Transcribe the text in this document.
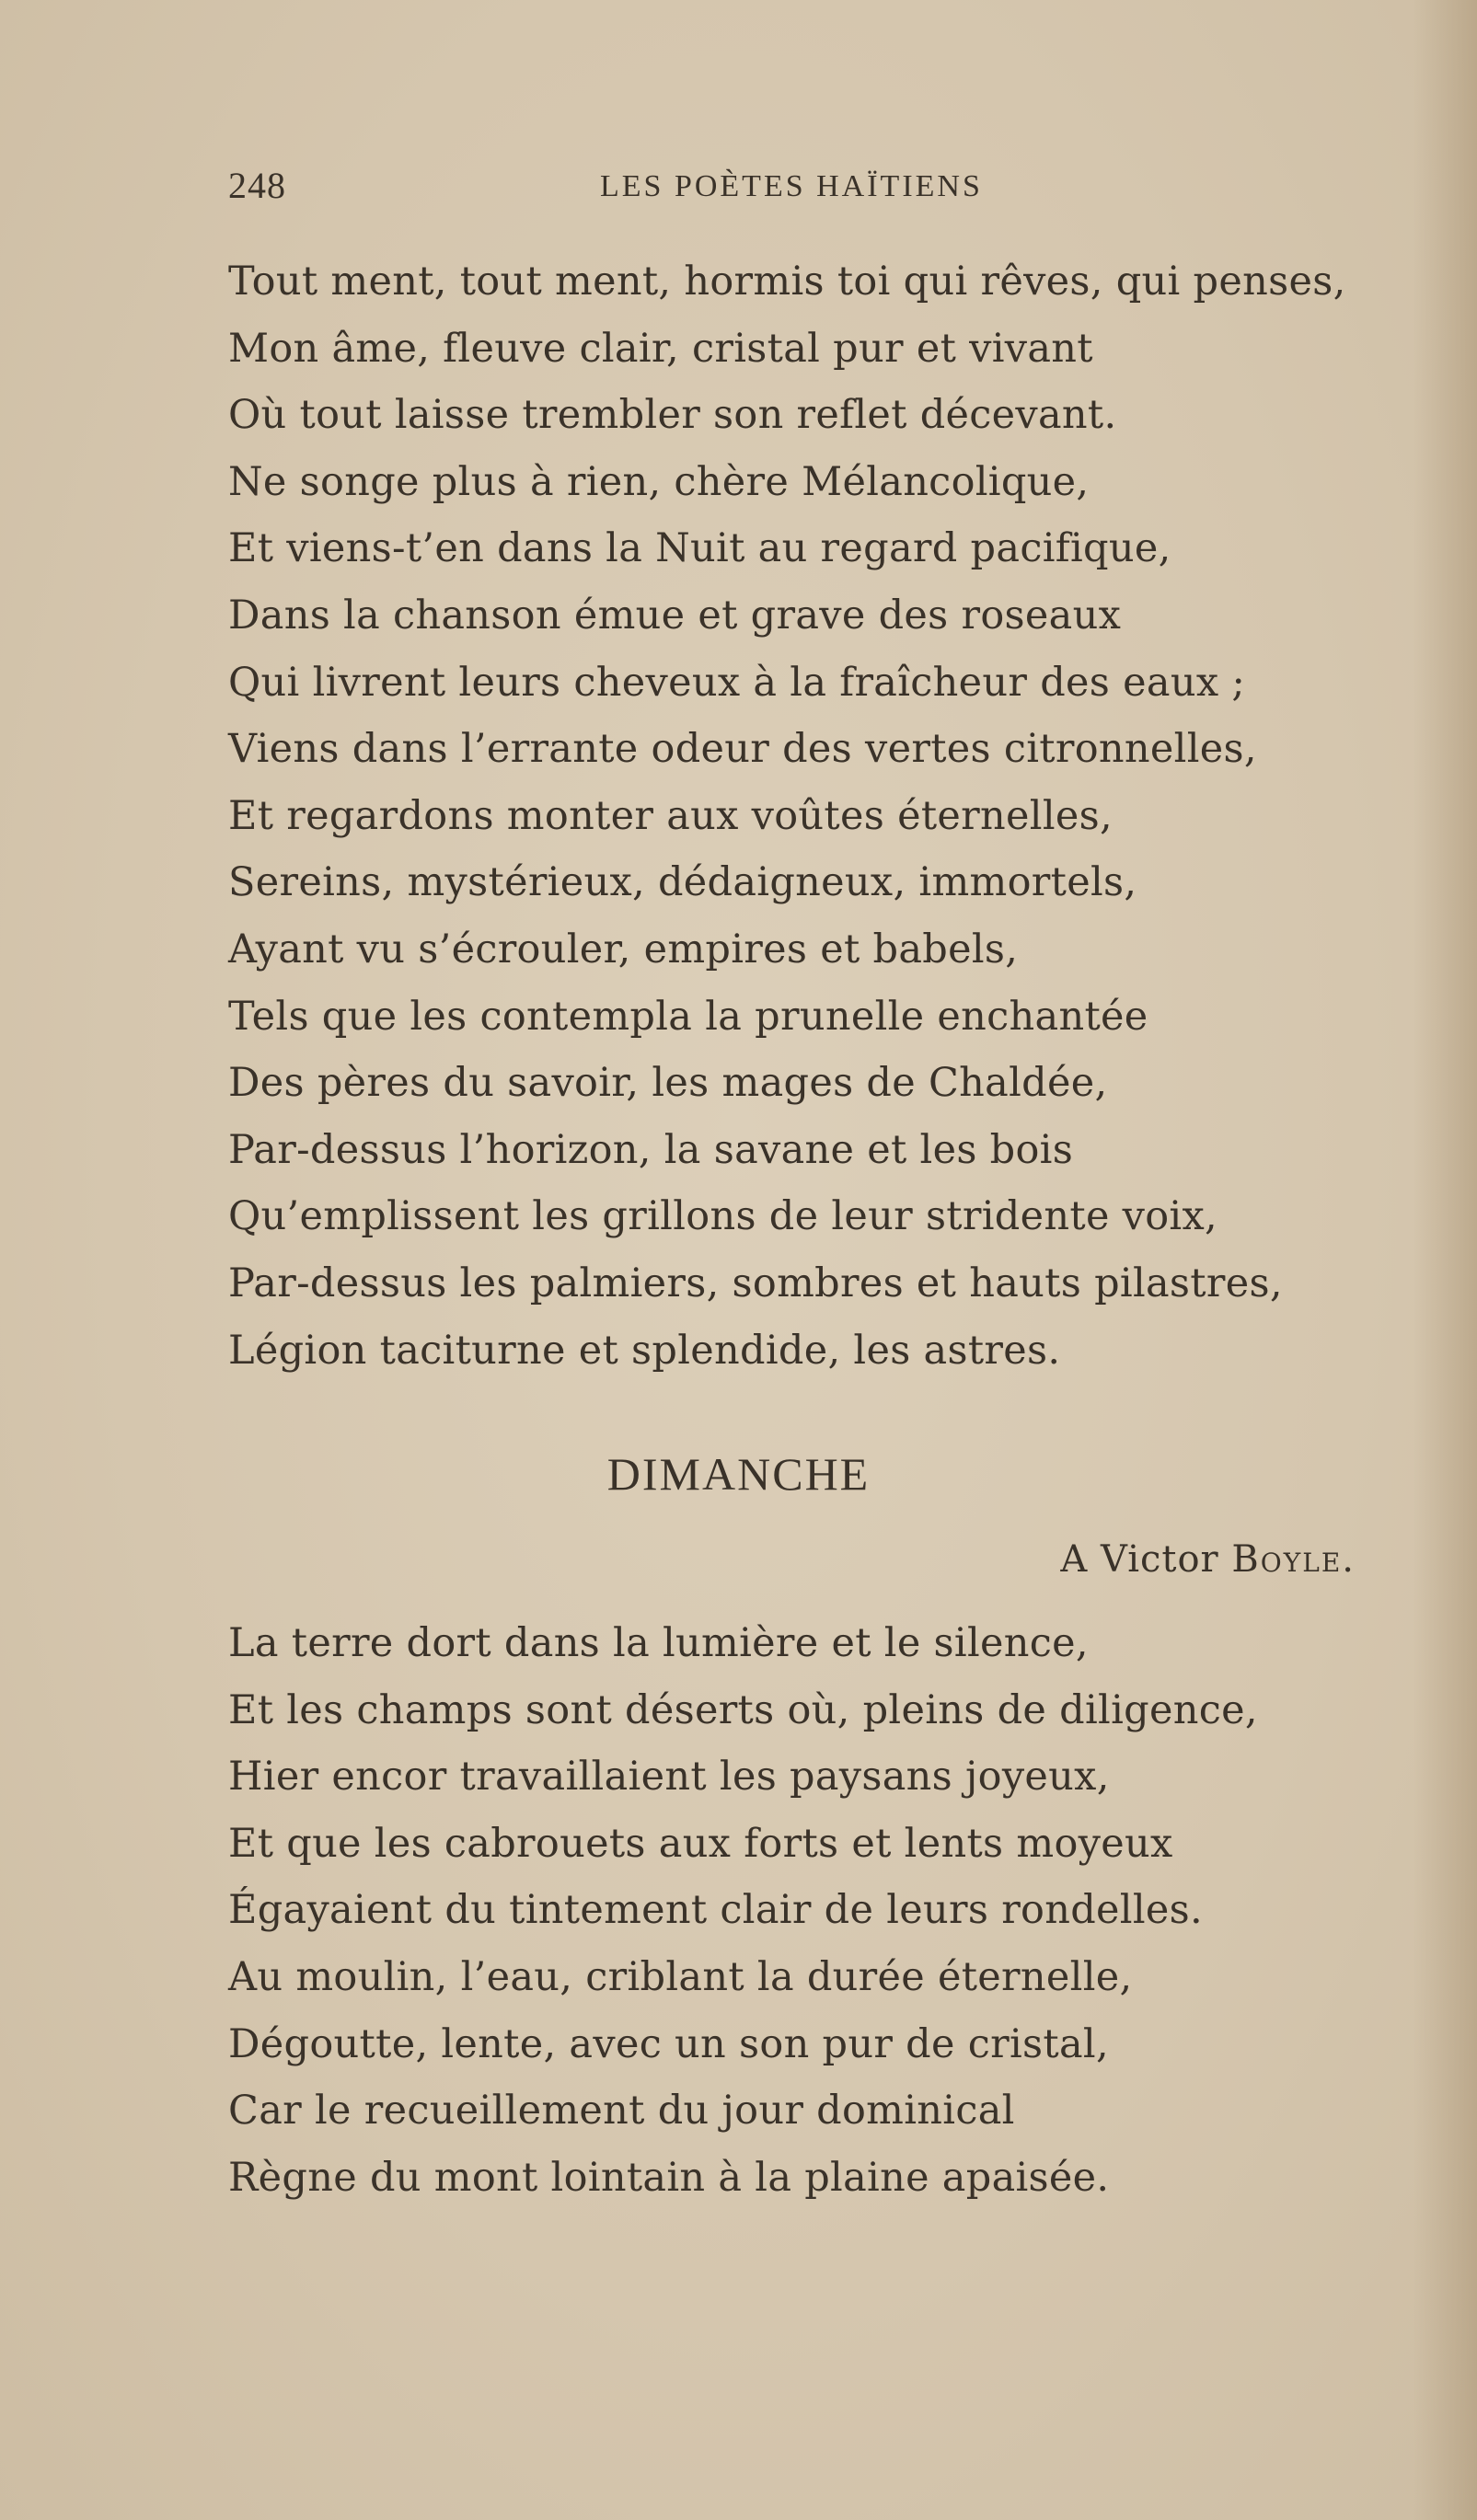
248	LES POÈTES HAÏTIENS
Tout ment, tout ment, hormis toi qui rêves, qui penses,
Mon âme, fleuve clair, cristal pur et vivant
Où tout laisse trembler son reflet décevant.
Ne songe plus à rien, chère Mélancolique,
Et viens-t’en dans la Nuit au regard pacifique,
Dans la chanson émue et grave des roseaux
Qui livrent leurs cheveux à la fraîcheur des eaux ;
Viens dans l’errante odeur des vertes citronnelles,
Et regardons monter aux voûtes éternelles,
Sereins, mystérieux, dédaigneux, immortels,
Ayant vu s’écrouler, empires et babels,
Tels que les contempla la prunelle enchantée
Des pères du savoir, les mages de Chaldée,
Par-dessus l’horizon, la savane et les bois
Qu’emplissent les grillons de leur stridente voix,
Par-dessus les palmiers, sombres et hauts pilastres,
Légion taciturne et splendide, les astres.
DIMANCHE
A Victor Boyle.
La terre dort dans la lumière et le silence,
Et les champs sont déserts où, pleins de diligence,
Hier encor travaillaient les paysans joyeux,
Et que les cabrouets aux forts et lents moyeux
Égayaient du tintement clair de leurs rondelles.
Au moulin, l’eau, criblant la durée éternelle,
Dégoutte, lente, avec un son pur de cristal,
Car le recueillement du jour dominical
Règne du mont lointain à la plaine apaisée.
